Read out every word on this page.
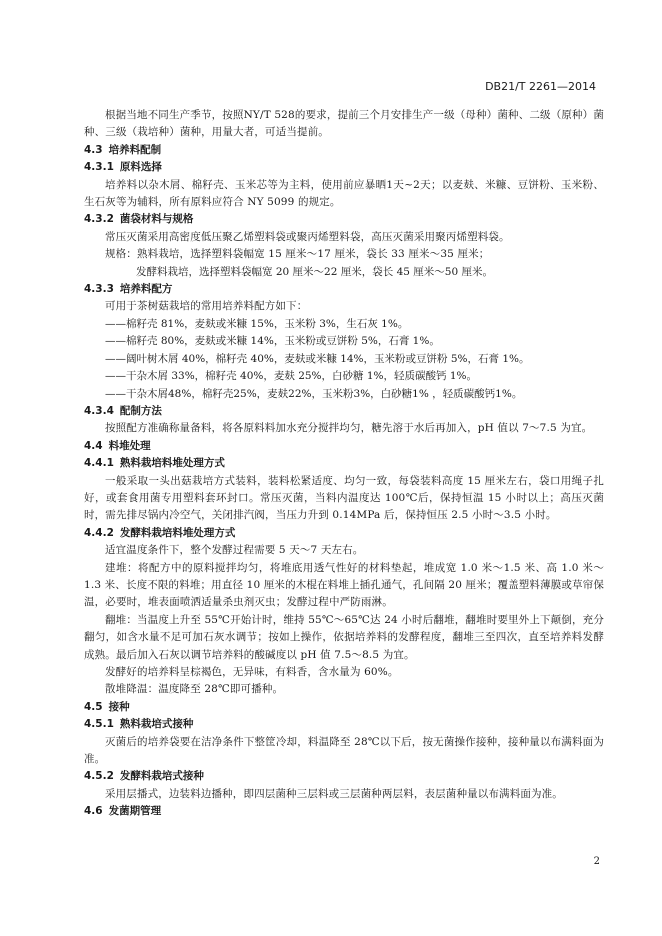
DB21/T 2261—2014

根据当地不同生产季节，按照NY/T 528的要求，提前三个月安排生产一级（母种）菌种、二级（原种）菌种、三级（栽培种）菌种，用量大者，可适当提前。

4.3 培养料配制

4.3.1 原料选择

培养料以杂木屑、棉籽壳、玉米芯等为主料，使用前应暴晒1天~2天；以麦麸、米糠、豆饼粉、玉米粉、生石灰等为辅料，所有原料应符合 NY 5099 的规定。

4.3.2 菌袋材料与规格

常压灭菌采用高密度低压聚乙烯塑料袋或聚丙烯塑料袋，高压灭菌采用聚丙烯塑料袋。

规格：熟料栽培，选择塑料袋幅宽 15 厘米～17 厘米，袋长 33 厘米～35 厘米；

发酵料栽培，选择塑料袋幅宽 20 厘米～22 厘米，袋长 45 厘米～50 厘米。

4.3.3 培养料配方

可用于茶树菇栽培的常用培养料配方如下：

——棉籽壳 81%，麦麸或米糠 15%，玉米粉 3%，生石灰 1%。

——棉籽壳 80%，麦麸或米糠 14%，玉米粉或豆饼粉 5%，石膏 1%。

——阔叶树木屑 40%，棉籽壳 40%，麦麸或米糠 14%，玉米粉或豆饼粉 5%，石膏 1%。

——干杂木屑 33%，棉籽壳 40%，麦麸 25%，白砂糖 1%，轻质碳酸钙 1%。

——干杂木屑48%，棉籽壳25%，麦麸22%，玉米粉3%，白砂糖1% ，轻质碳酸钙1%。

4.3.4 配制方法

按照配方准确称量备料，将各原料料加水充分搅拌均匀，糖先溶于水后再加入，pH 值以 7～7.5 为宜。

4.4 料堆处理

4.4.1 熟料栽培料堆处理方式

一般采取一头出菇栽培方式装料，装料松紧适度、均匀一致，每袋装料高度 15 厘米左右，袋口用绳子扎好，或套食用菌专用塑料套环封口。常压灭菌，当料内温度达 100℃后，保持恒温 15 小时以上；高压灭菌时，需先排尽锅内冷空气，关闭排汽阀，当压力升到 0.14MPa 后，保持恒压 2.5 小时～3.5 小时。

4.4.2 发酵料栽培料堆处理方式

适宜温度条件下，整个发酵过程需要 5 天～7 天左右。

建堆：将配方中的原料搅拌均匀，将堆底用透气性好的材料垫起，堆成宽 1.0 米～1.5 米、高 1.0 米～1.3 米、长度不限的料堆；用直径 10 厘米的木棍在料堆上插孔通气，孔间隔 20 厘米；覆盖塑料薄膜或草帘保温，必要时，堆表面喷洒适量杀虫剂灭虫；发酵过程中严防雨淋。

翻堆：当温度上升至 55℃开始计时，维持 55℃～65℃达 24 小时后翻堆，翻堆时要里外上下颠倒，充分翻匀，如含水量不足可加石灰水调节；按如上操作，依据培养料的发酵程度，翻堆三至四次，直至培养料发酵成熟。最后加入石灰以调节培养料的酸碱度以 pH 值 7.5～8.5 为宜。

发酵好的培养料呈棕褐色，无异味，有料香，含水量为 60%。

散堆降温：温度降至 28℃即可播种。

4.5 接种

4.5.1 熟料栽培式接种

灭菌后的培养袋要在洁净条件下整筐冷却，料温降至 28℃以下后，按无菌操作接种，接种量以布满料面为准。

4.5.2 发酵料栽培式接种

采用层播式，边装料边播种，即四层菌种三层料或三层菌种两层料，表层菌种量以布满料面为准。

4.6 发菌期管理

2
